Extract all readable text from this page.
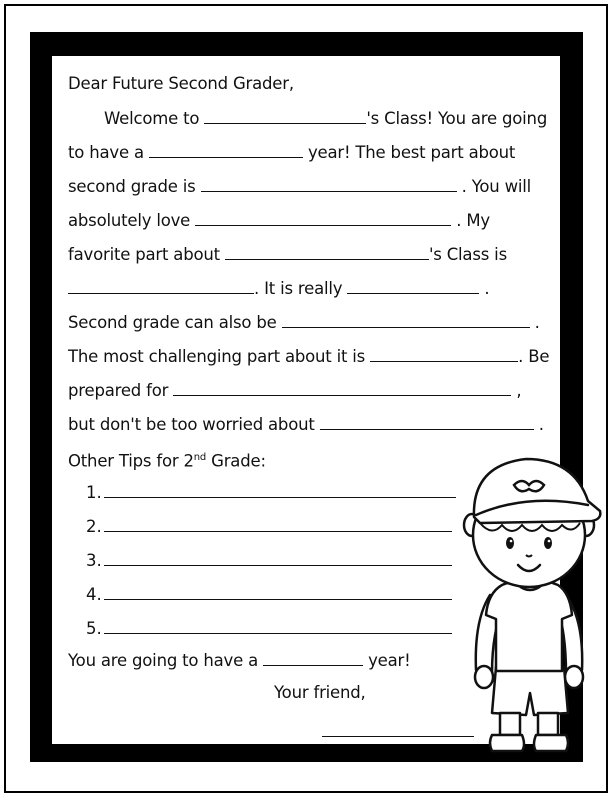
Dear Future Second Grader,
Welcome to	's Class! You are going
to have a	year! The best part about
second grade is	. You will
absolutely love	. My
favorite part about	's Class is
. It is really	.
Second grade can also be	.
The most challenging part about it is	. Be
prepared for	,
but don't be too worried about	.
Other Tips for 2nd Grade:
1.
2.
3.
4.
5.
You are going to have a	year!
Your friend,
